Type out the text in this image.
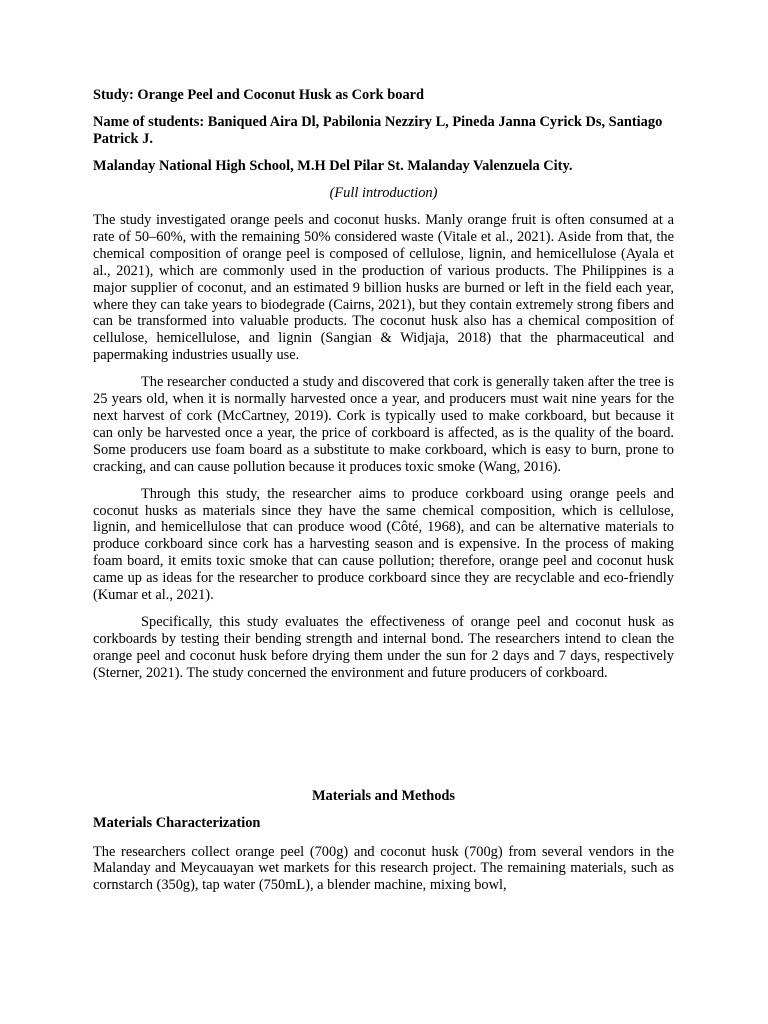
Study: Orange Peel and Coconut Husk as Cork board
Name of students: Baniqued Aira Dl, Pabilonia Nezziry L, Pineda Janna Cyrick Ds, Santiago Patrick J.
Malanday National High School, M.H Del Pilar St. Malanday Valenzuela City.
(Full introduction)

The study investigated orange peels and coconut husks. Manly orange fruit is often consumed at a rate of 50–60%, with the remaining 50% considered waste (Vitale et al., 2021). Aside from that, the chemical composition of orange peel is composed of cellulose, lignin, and hemicellulose (Ayala et al., 2021), which are commonly used in the production of various products. The Philippines is a major supplier of coconut, and an estimated 9 billion husks are burned or left in the field each year, where they can take years to biodegrade (Cairns, 2021), but they contain extremely strong fibers and can be transformed into valuable products. The coconut husk also has a chemical composition of cellulose, hemicellulose, and lignin (Sangian & Widjaja, 2018) that the pharmaceutical and papermaking industries usually use.

The researcher conducted a study and discovered that cork is generally taken after the tree is 25 years old, when it is normally harvested once a year, and producers must wait nine years for the next harvest of cork (McCartney, 2019). Cork is typically used to make corkboard, but because it can only be harvested once a year, the price of corkboard is affected, as is the quality of the board. Some producers use foam board as a substitute to make corkboard, which is easy to burn, prone to cracking, and can cause pollution because it produces toxic smoke (Wang, 2016).

Through this study, the researcher aims to produce corkboard using orange peels and coconut husks as materials since they have the same chemical composition, which is cellulose, lignin, and hemicellulose that can produce wood (Côté, 1968), and can be alternative materials to produce corkboard since cork has a harvesting season and is expensive. In the process of making foam board, it emits toxic smoke that can cause pollution; therefore, orange peel and coconut husk came up as ideas for the researcher to produce corkboard since they are recyclable and eco-friendly (Kumar et al., 2021).

Specifically, this study evaluates the effectiveness of orange peel and coconut husk as corkboards by testing their bending strength and internal bond. The researchers intend to clean the orange peel and coconut husk before drying them under the sun for 2 days and 7 days, respectively (Sterner, 2021). The study concerned the environment and future producers of corkboard.

Materials and Methods
Materials Characterization

The researchers collect orange peel (700g) and coconut husk (700g) from several vendors in the Malanday and Meycauayan wet markets for this research project. The remaining materials, such as cornstarch (350g), tap water (750mL), a blender machine, mixing bowl,
